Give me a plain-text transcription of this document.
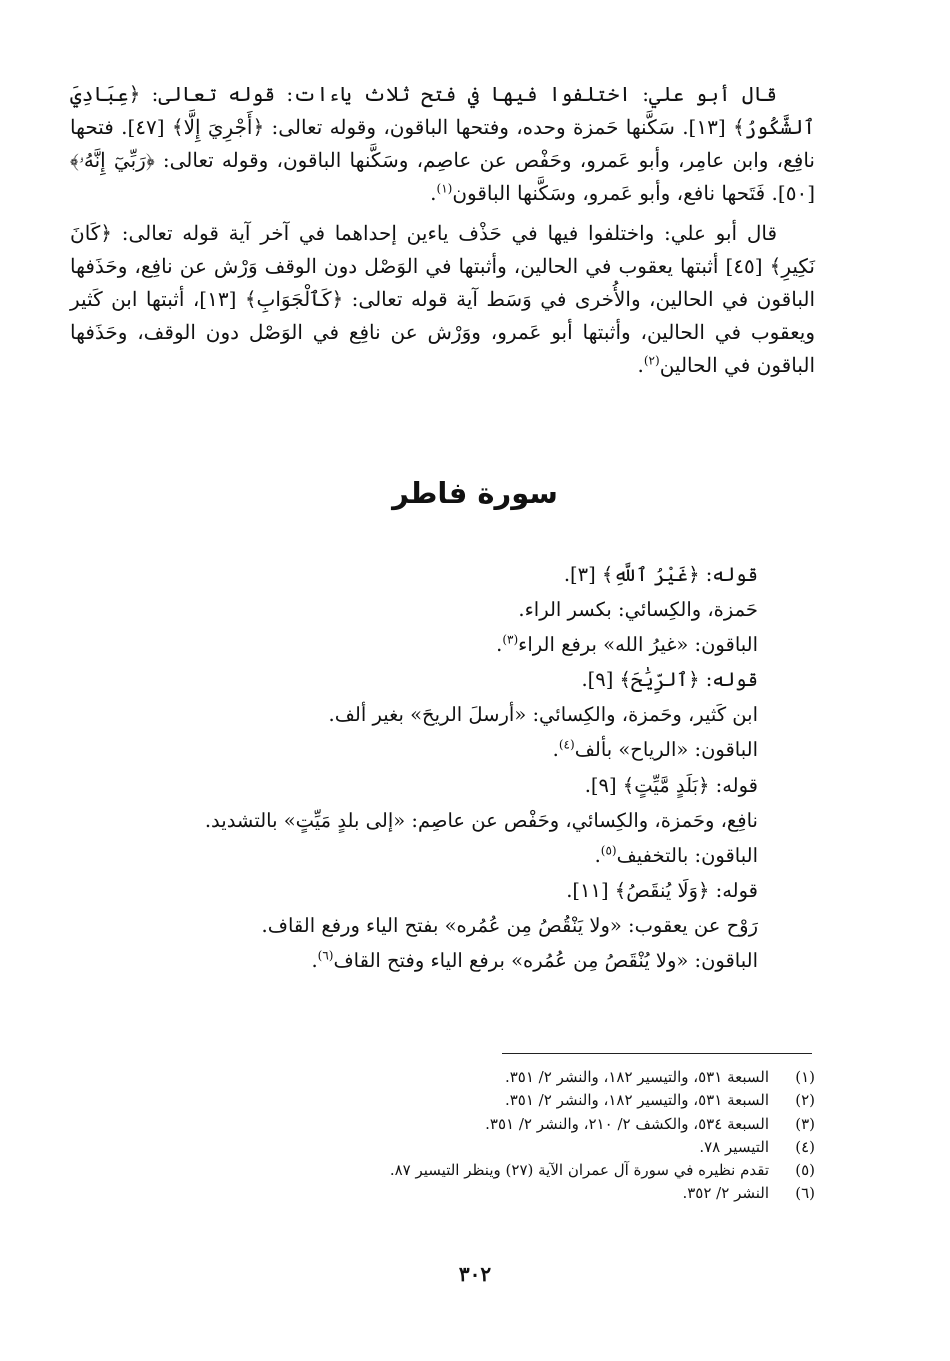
قال أبو علي: اختلفوا فيها في فتح ثلاث ياءات: قوله تعالى: ﴿عِبَادِيَ ٱلشَّكُورُ﴾ [١٣]. سَكَّنها حَمزة وحده، وفتحها الباقون، وقوله تعالى: ﴿أَجْرِيَ إِلَّا﴾ [٤٧]. فتحها نافِع، وابن عامِر، وأبو عَمرو، وحَفْص عن عاصِم، وسَكَّنها الباقون، وقوله تعالى: ﴿رَبِّيٓ إِنَّهُۥ﴾ [٥٠]. فَتَحها نافع، وأبو عَمرو، وسَكَّنها الباقون$^{(١)}$.

قال أبو علي: واختلفوا فيها في حَذْف ياءين إحداهما في آخر آية قوله تعالى: ﴿كَانَ نَكِيرِ﴾ [٤٥] أثبتها يعقوب في الحالين، وأثبتها في الوَصْل دون الوقف وَرْش عن نافِع، وحَذَفها الباقون في الحالين، والأُخرى في وَسَط آية قوله تعالى: ﴿كَٱلْجَوَابِ﴾ [١٣]، أثبتها ابن كَثير ويعقوب في الحالين، وأثبتها أبو عَمرو، ووَرْش عن نافِع في الوَصْل دون الوقف، وحَذَفها الباقون في الحالين$^{(٢)}$.

سورة فاطر
قوله: ﴿غَيْرُ ٱللَّهِ﴾ [٣].
حَمزة، والكِسائي: بكسر الراء.
الباقون: «غيرُ الله» برفع الراء$^{(٣)}$.
قوله: ﴿ٱلرِّيَٰحَ﴾ [٩].
ابن كَثير، وحَمزة، والكِسائي: «أرسلَ الريحَ» بغير ألف.
الباقون: «الرياح» بألف$^{(٤)}$.
قوله: ﴿بَلَدٍ مَّيِّتٍ﴾ [٩].
نافِع، وحَمزة، والكِسائي، وحَفْص عن عاصِم: «إلى بلدٍ مَيِّتٍ» بالتشديد.
الباقون: بالتخفيف$^{(٥)}$.
قوله: ﴿وَلَا يُنقَصُ﴾ [١١].
رَوْح عن يعقوب: «ولا يَنْقُصُ مِن عُمُره» بفتح الياء ورفع القاف.
الباقون: «ولا يُنْقَصُ مِن عُمُره» برفع الياء وفتح القاف$^{(٦)}$.
(١)السبعة ٥٣١، والتيسير ١٨٢، والنشر ٢/ ٣٥١.
(٢)السبعة ٥٣١، والتيسير ١٨٢، والنشر ٢/ ٣٥١.
(٣)السبعة ٥٣٤، والكشف ٢/ ٢١٠، والنشر ٢/ ٣٥١.
(٤)التيسير ٧٨.
(٥)تقدم نظيره في سورة آل عمران الآية (٢٧) وينظر التيسير ٨٧.
(٦)النشر ٢/ ٣٥٢.
٣٠٢
